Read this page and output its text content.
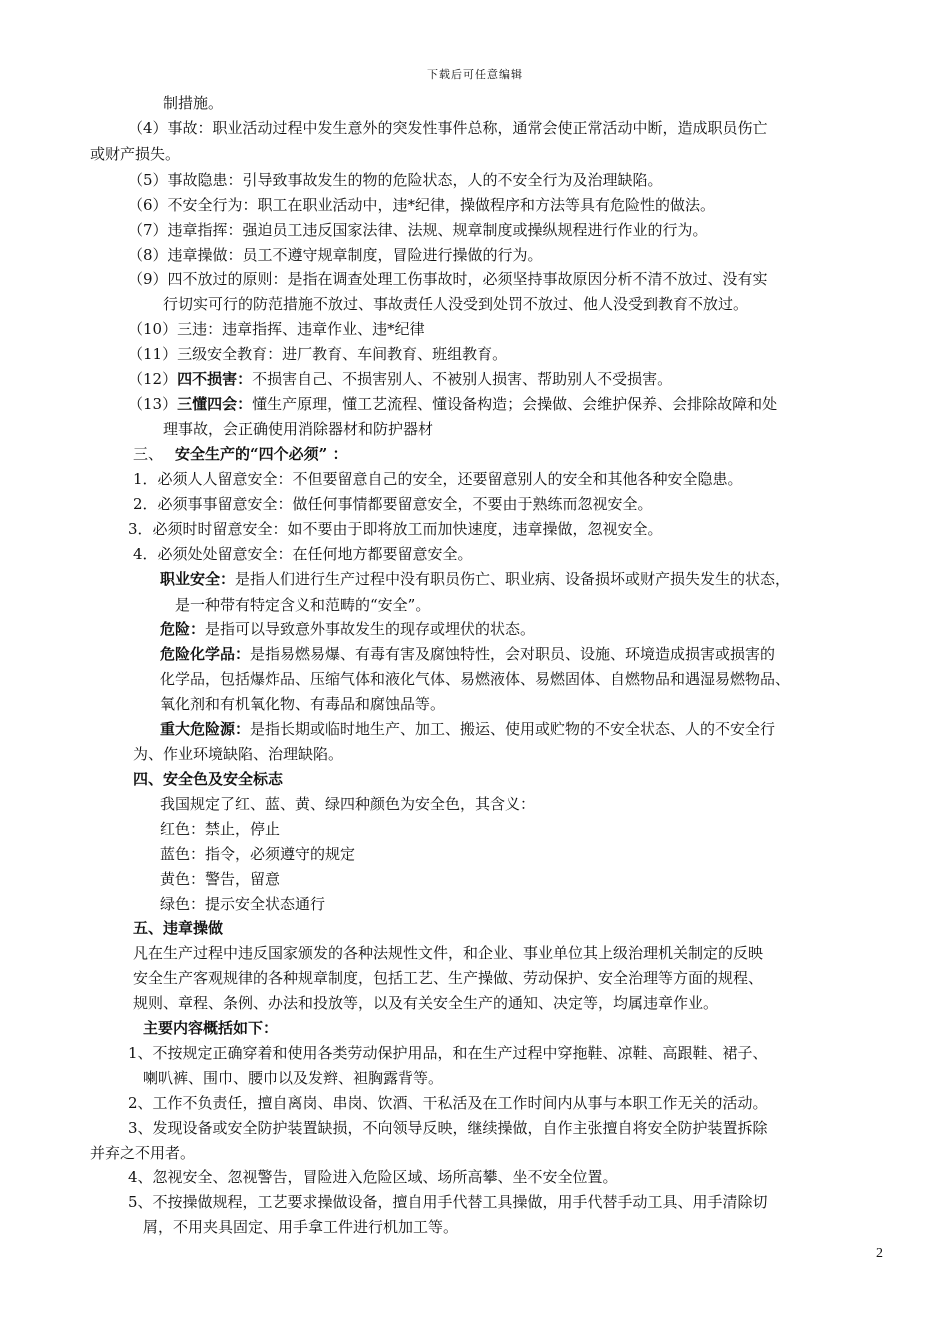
下载后可任意编辑
制措施。
（4）事故：职业活动过程中发生意外的突发性事件总称，通常会使正常活动中断，造成职员伤亡
或财产损失。
（5）事故隐患：引导致事故发生的物的危险状态，人的不安全行为及治理缺陷。
（6）不安全行为：职工在职业活动中，违*纪律，操做程序和方法等具有危险性的做法。
（7）违章指挥：强迫员工违反国家法律、法规、规章制度或操纵规程进行作业的行为。
（8）违章操做：员工不遵守规章制度，冒险进行操做的行为。
（9）四不放过的原则：是指在调查处理工伤事故时，必须坚持事故原因分析不清不放过、没有实
行切实可行的防范措施不放过、事故责任人没受到处罚不放过、他人没受到教育不放过。
（10）三违：违章指挥、违章作业、违*纪律
（11）三级安全教育：进厂教育、车间教育、班组教育。
（12）四不损害：不损害自己、不损害别人、不被别人损害、帮助别人不受损害。
（13）三懂四会：懂生产原理，懂工艺流程、懂设备构造；会操做、会维护保养、会排除故障和处
理事故，会正确使用消除器材和防护器材
三、 安全生产的“四个必须” ：
1．必须人人留意安全：不但要留意自己的安全，还要留意别人的安全和其他各种安全隐患。
2．必须事事留意安全：做任何事情都要留意安全，不要由于熟练而忽视安全。
3．必须时时留意安全：如不要由于即将放工而加快速度，违章操做，忽视安全。
4．必须处处留意安全：在任何地方都要留意安全。
职业安全：是指人们进行生产过程中没有职员伤亡、职业病、设备损坏或财产损失发生的状态，
是一种带有特定含义和范畴的“安全”。
危险：是指可以导致意外事故发生的现存或埋伏的状态。
危险化学品：是指易燃易爆、有毒有害及腐蚀特性，会对职员、设施、环境造成损害或损害的
化学品，包括爆炸品、压缩气体和液化气体、易燃液体、易燃固体、自燃物品和遇湿易燃物品、
氧化剂和有机氧化物、有毒品和腐蚀品等。
重大危险源：是指长期或临时地生产、加工、搬运、使用或贮物的不安全状态、人的不安全行
为、作业环境缺陷、治理缺陷。
四、安全色及安全标志
我国规定了红、蓝、黄、绿四种颜色为安全色，其含义：
红色：禁止，停止
蓝色：指令，必须遵守的规定
黄色：警告，留意
绿色：提示安全状态通行
五、违章操做
凡在生产过程中违反国家颁发的各种法规性文件，和企业、事业单位其上级治理机关制定的反映
安全生产客观规律的各种规章制度，包括工艺、生产操做、劳动保护、安全治理等方面的规程、
规则、章程、条例、办法和投放等，以及有关安全生产的通知、决定等，均属违章作业。
主要内容概括如下：
1、不按规定正确穿着和使用各类劳动保护用品，和在生产过程中穿拖鞋、凉鞋、高跟鞋、裙子、
喇叭裤、围巾、腰巾以及发辫、袒胸露背等。
2、工作不负责任，擅自离岗、串岗、饮酒、干私活及在工作时间内从事与本职工作无关的活动。
3、发现设备或安全防护装置缺损，不向领导反映，继续操做，自作主张擅自将安全防护装置拆除
并弃之不用者。
4、忽视安全、忽视警告，冒险进入危险区域、场所高攀、坐不安全位置。
5、不按操做规程，工艺要求操做设备，擅自用手代替工具操做，用手代替手动工具、用手清除切
屑，不用夹具固定、用手拿工件进行机加工等。
2
